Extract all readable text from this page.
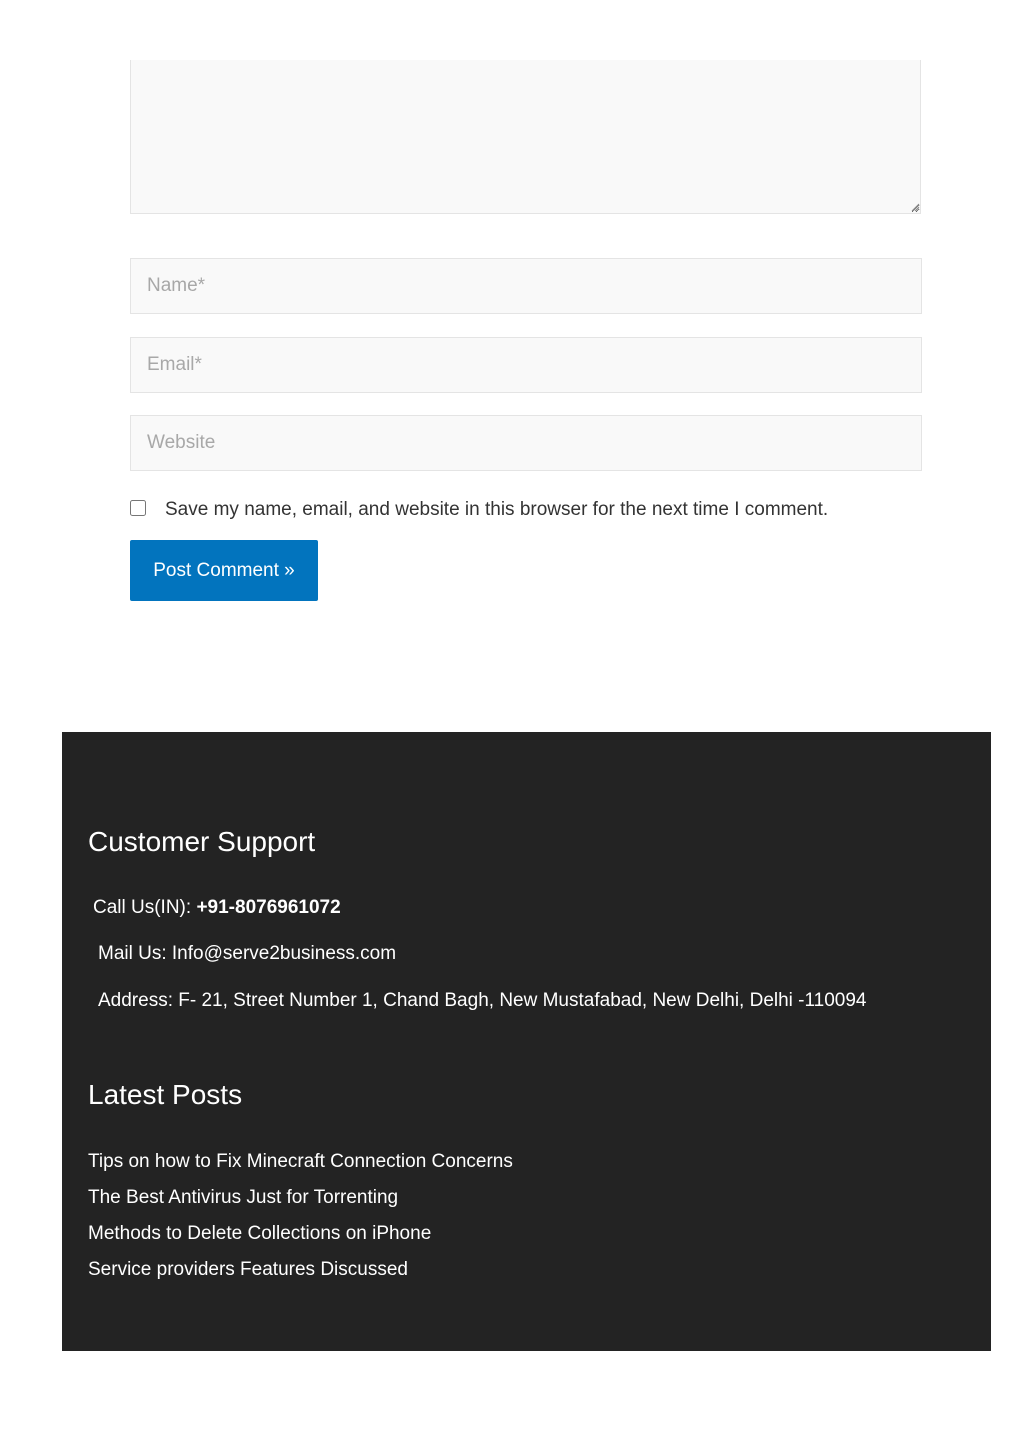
Name*
Email*
Website
Save my name, email, and website in this browser for the next time I comment.
Post Comment »
Customer Support
Call Us(IN): +91-8076961072
Mail Us: Info@serve2business.com
Address: F- 21, Street Number 1, Chand Bagh, New Mustafabad, New Delhi, Delhi -110094
Latest Posts
Tips on how to Fix Minecraft Connection Concerns
The Best Antivirus Just for Torrenting
Methods to Delete Collections on iPhone
Service providers Features Discussed
